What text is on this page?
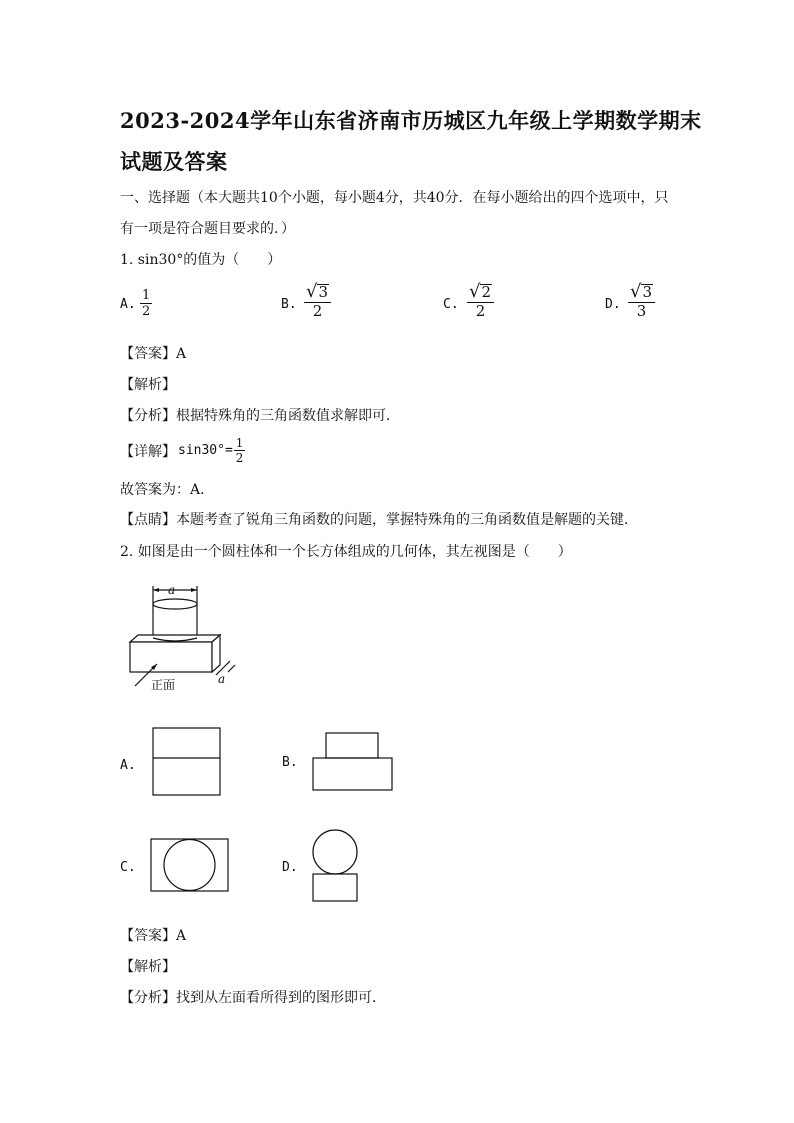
2023-2024学年山东省济南市历城区九年级上学期数学期末
试题及答案
一、选择题（本大题共10个小题，每小题4分，共40分．在每小题给出的四个选项中，只
有一项是符合题目要求的．）
1. sin30°的值为（　　）
A. $\frac{1}{2}$	B. $\frac{√ 3}{2}$	C. $\frac{√ 2}{2}$	D. $\frac{√ 3}{3}$
【答案】A
【解析】
【分析】根据特殊角的三角函数值求解即可．
【详解】 $\sin 30^\circ= \frac{1}{2}$
故答案为：A．
【点睛】本题考查了锐角三角函数的问题，掌握特殊角的三角函数值是解题的关键．
2. 如图是由一个圆柱体和一个长方体组成的几何体，其左视图是（　　）
a
a
正面
A.	B.
C.	D.
【答案】A
【解析】
【分析】找到从左面看所得到的图形即可．
